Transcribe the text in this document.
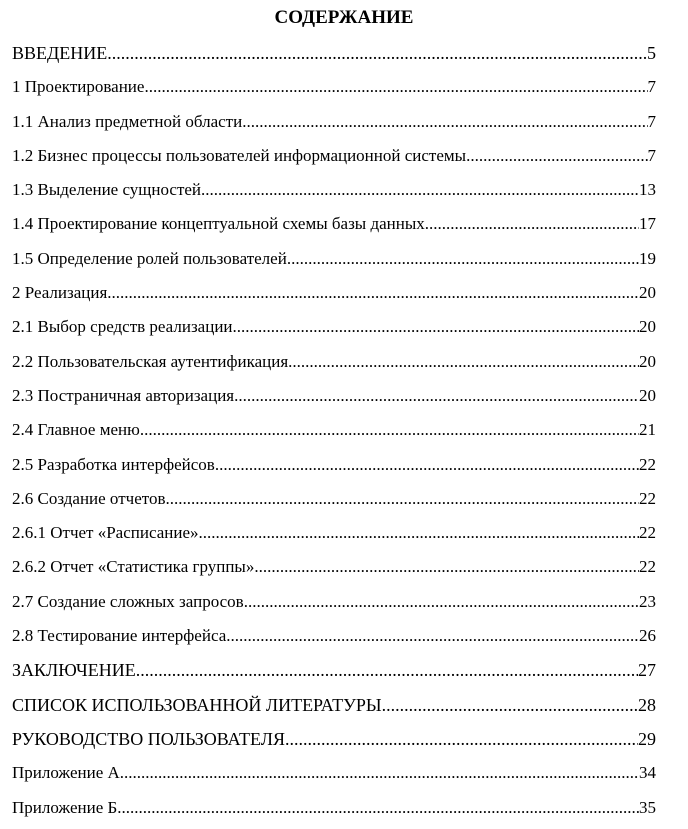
СОДЕРЖАНИЕ
ВВЕДЕНИЕ .....	5
1 Проектирование .....	7
1.1 Анализ предметной области .....	7
1.2 Бизнес процессы пользователей информационной системы .....	7
1.3 Выделение сущностей .....	13
1.4 Проектирование концептуальной схемы базы данных .....	17
1.5 Определение ролей пользователей .....	19
2 Реализация .....	20
2.1 Выбор средств реализации .....	20
2.2 Пользовательская аутентификация .....	20
2.3 Постраничная авторизация .....	20
2.4 Главное меню .....	21
2.5 Разработка интерфейсов .....	22
2.6 Создание отчетов .....	22
2.6.1 Отчет «Расписание» .....	22
2.6.2 Отчет «Статистика группы» .....	22
2.7 Создание сложных запросов .....	23
2.8 Тестирование интерфейса .....	26
ЗАКЛЮЧЕНИЕ .....	27
СПИСОК ИСПОЛЬЗОВАННОЙ ЛИТЕРАТУРЫ .....	28
РУКОВОДСТВО ПОЛЬЗОВАТЕЛЯ .....	29
Приложение А .....	34
Приложение Б .....	35
